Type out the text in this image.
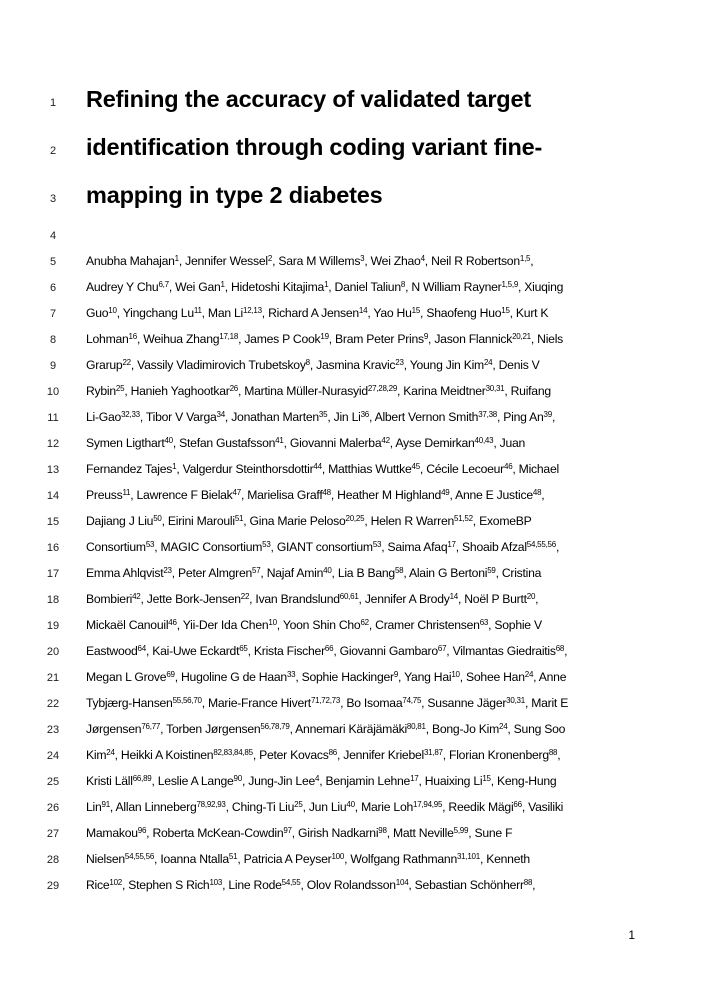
1	Refining the accuracy of validated target
2	identification through coding variant fine-
3	mapping in type 2 diabetes
4
5	Anubha Mahajan$^1$, Jennifer Wessel$^2$, Sara M Willems$^3$, Wei Zhao$^4$, Neil R Robertson$^{1,5}$,
6	Audrey Y Chu$^{6,7}$, Wei Gan$^1$, Hidetoshi Kitajima$^1$, Daniel Taliun$^8$, N William Rayner$^{1,5,9}$, Xiuqing
7	Guo$^{10}$, Yingchang Lu$^{11}$, Man Li$^{12,13}$, Richard A Jensen$^{14}$, Yao Hu$^{15}$, Shaofeng Huo$^{15}$, Kurt K
8	Lohman$^{16}$, Weihua Zhang$^{17,18}$, James P Cook$^{19}$, Bram Peter Prins$^9$, Jason Flannick$^{20,21}$, Niels
9	Grarup$^{22}$, Vassily Vladimirovich Trubetskoy$^8$, Jasmina Kravic$^{23}$, Young Jin Kim$^{24}$, Denis V
10	Rybin$^{25}$, Hanieh Yaghootkar$^{26}$, Martina Müller-Nurasyid$^{27,28,29}$, Karina Meidtner$^{30,31}$, Ruifang
11	Li-Gao$^{32,33}$, Tibor V Varga$^{34}$, Jonathan Marten$^{35}$, Jin Li$^{36}$, Albert Vernon Smith$^{37,38}$, Ping An$^{39}$,
12	Symen Ligthart$^{40}$, Stefan Gustafsson$^{41}$, Giovanni Malerba$^{42}$, Ayse Demirkan$^{40,43}$, Juan
13	Fernandez Tajes$^1$, Valgerdur Steinthorsdottir$^{44}$, Matthias Wuttke$^{45}$, Cécile Lecoeur$^{46}$, Michael
14	Preuss$^{11}$, Lawrence F Bielak$^{47}$, Marielisa Graff$^{48}$, Heather M Highland$^{49}$, Anne E Justice$^{48}$,
15	Dajiang J Liu$^{50}$, Eirini Marouli$^{51}$, Gina Marie Peloso$^{20,25}$, Helen R Warren$^{51,52}$, ExomeBP
16	Consortium$^{53}$, MAGIC Consortium$^{53}$, GIANT consortium$^{53}$, Saima Afaq$^{17}$, Shoaib Afzal$^{54,55,56}$,
17	Emma Ahlqvist$^{23}$, Peter Almgren$^{57}$, Najaf Amin$^{40}$, Lia B Bang$^{58}$, Alain G Bertoni$^{59}$, Cristina
18	Bombieri$^{42}$, Jette Bork-Jensen$^{22}$, Ivan Brandslund$^{60,61}$, Jennifer A Brody$^{14}$, Noël P Burtt$^{20}$,
19	Mickaël Canouil$^{46}$, Yii-Der Ida Chen$^{10}$, Yoon Shin Cho$^{62}$, Cramer Christensen$^{63}$, Sophie V
20	Eastwood$^{64}$, Kai-Uwe Eckardt$^{65}$, Krista Fischer$^{66}$, Giovanni Gambaro$^{67}$, Vilmantas Giedraitis$^{68}$,
21	Megan L Grove$^{69}$, Hugoline G de Haan$^{33}$, Sophie Hackinger$^9$, Yang Hai$^{10}$, Sohee Han$^{24}$, Anne
22	Tybjærg-Hansen$^{55,56,70}$, Marie-France Hivert$^{71,72,73}$, Bo Isomaa$^{74,75}$, Susanne Jäger$^{30,31}$, Marit E
23	Jørgensen$^{76,77}$, Torben Jørgensen$^{56,78,79}$, Annemari Käräjämäki$^{80,81}$, Bong-Jo Kim$^{24}$, Sung Soo
24	Kim$^{24}$, Heikki A Koistinen$^{82,83,84,85}$, Peter Kovacs$^{86}$, Jennifer Kriebel$^{31,87}$, Florian Kronenberg$^{88}$,
25	Kristi Läll$^{66,89}$, Leslie A Lange$^{90}$, Jung-Jin Lee$^4$, Benjamin Lehne$^{17}$, Huaixing Li$^{15}$, Keng-Hung
26	Lin$^{91}$, Allan Linneberg$^{78,92,93}$, Ching-Ti Liu$^{25}$, Jun Liu$^{40}$, Marie Loh$^{17,94,95}$, Reedik Mägi$^{66}$, Vasiliki
27	Mamakou$^{96}$, Roberta McKean-Cowdin$^{97}$, Girish Nadkarni$^{98}$, Matt Neville$^{5,99}$, Sune F
28	Nielsen$^{54,55,56}$, Ioanna Ntalla$^{51}$, Patricia A Peyser$^{100}$, Wolfgang Rathmann$^{31,101}$, Kenneth
29	Rice$^{102}$, Stephen S Rich$^{103}$, Line Rode$^{54,55}$, Olov Rolandsson$^{104}$, Sebastian Schönherr$^{88}$,
1
